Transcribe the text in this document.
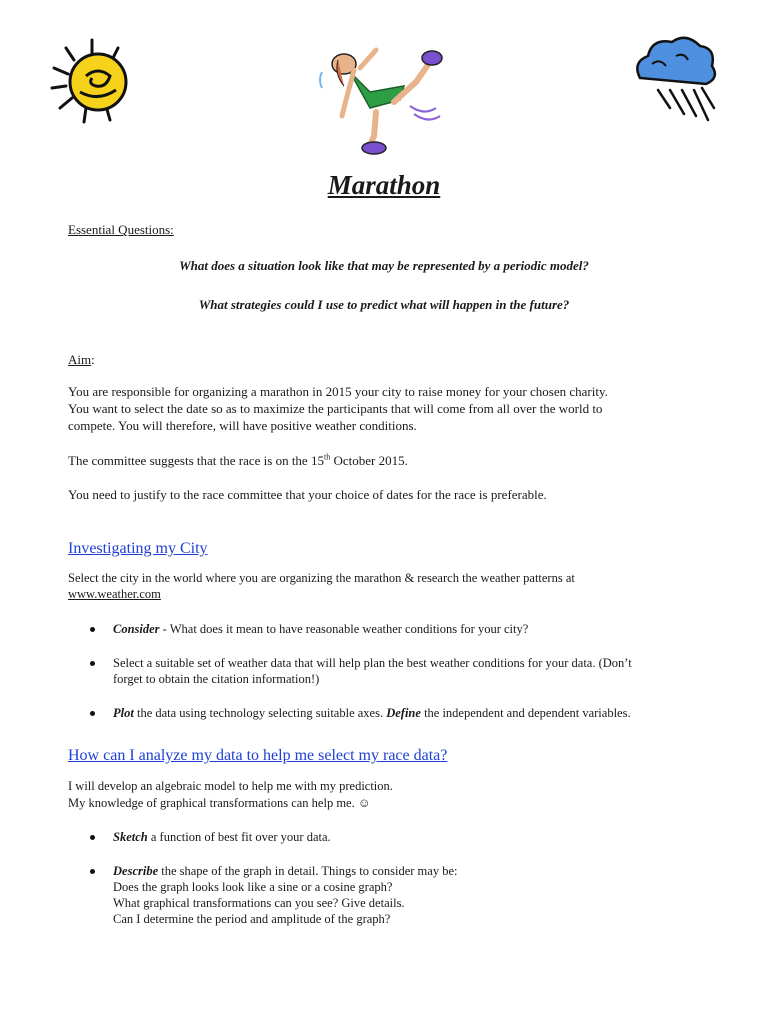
Marathon

Essential Questions:

What does a situation look like that may be represented by a periodic model?

What strategies could I use to predict what will happen in the future?

Aim:

You are responsible for organizing a marathon in 2015 your city to raise money for your chosen charity.

You want to select the date so as to maximize the participants that will come from all over the world to

compete. You will therefore, will have positive weather conditions.

The committee suggests that the race is on the 15th October 2015.

You need to justify to the race committee that your choice of dates for the race is preferable.

Investigating my City

Select the city in the world where you are organizing the marathon & research the weather patterns at

www.weather.com

Consider - What does it mean to have reasonable weather conditions for your city?
Select a suitable set of weather data that will help plan the best weather conditions for your data. (Don’t
forget to obtain the citation information!)
Plot the data using technology selecting suitable axes. Define the independent and dependent variables.

How can I analyze my data to help me select my race data?

I will develop an algebraic model to help me with my prediction.

My knowledge of graphical transformations can help me. ☺

Sketch a function of best fit over your data.
Describe the shape of the graph in detail. Things to consider may be:
Does the graph looks look like a sine or a cosine graph?
What graphical transformations can you see? Give details.
Can I determine the period and amplitude of the graph?
